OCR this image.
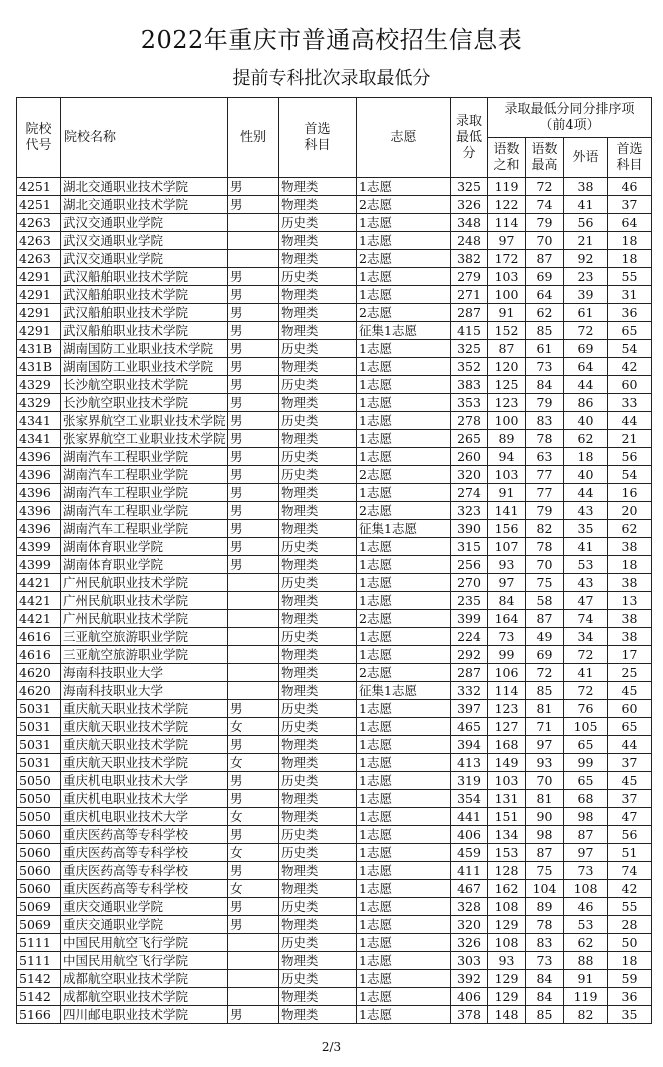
2022年重庆市普通高校招生信息表
提前专科批次录取最低分
院校
代号	院校名称	性别	首选
科目	志愿	录取
最低
分	录取最低分同分排序项
（前4项）			
						语数
之和	语数
最高	外语	首选
科目
4251	湖北交通职业技术学院	男	物理类	1志愿	325	119	72	38	46
4251	湖北交通职业技术学院	男	物理类	2志愿	326	122	74	41	37
4263	武汉交通职业学院		历史类	1志愿	348	114	79	56	64
4263	武汉交通职业学院		物理类	1志愿	248	97	70	21	18
4263	武汉交通职业学院		物理类	2志愿	382	172	87	92	18
4291	武汉船舶职业技术学院	男	历史类	1志愿	279	103	69	23	55
4291	武汉船舶职业技术学院	男	物理类	1志愿	271	100	64	39	31
4291	武汉船舶职业技术学院	男	物理类	2志愿	287	91	62	61	36
4291	武汉船舶职业技术学院	男	物理类	征集1志愿	415	152	85	72	65
431B	湖南国防工业职业技术学院	男	历史类	1志愿	325	87	61	69	54
431B	湖南国防工业职业技术学院	男	物理类	1志愿	352	120	73	64	42
4329	长沙航空职业技术学院	男	历史类	1志愿	383	125	84	44	60
4329	长沙航空职业技术学院	男	物理类	1志愿	353	123	79	86	33
4341	张家界航空工业职业技术学院	男	历史类	1志愿	278	100	83	40	44
4341	张家界航空工业职业技术学院	男	物理类	1志愿	265	89	78	62	21
4396	湖南汽车工程职业学院	男	历史类	1志愿	260	94	63	18	56
4396	湖南汽车工程职业学院	男	历史类	2志愿	320	103	77	40	54
4396	湖南汽车工程职业学院	男	物理类	1志愿	274	91	77	44	16
4396	湖南汽车工程职业学院	男	物理类	2志愿	323	141	79	43	20
4396	湖南汽车工程职业学院	男	物理类	征集1志愿	390	156	82	35	62
4399	湖南体育职业学院	男	历史类	1志愿	315	107	78	41	38
4399	湖南体育职业学院	男	物理类	1志愿	256	93	70	53	18
4421	广州民航职业技术学院		历史类	1志愿	270	97	75	43	38
4421	广州民航职业技术学院		物理类	1志愿	235	84	58	47	13
4421	广州民航职业技术学院		物理类	2志愿	399	164	87	74	38
4616	三亚航空旅游职业学院		历史类	1志愿	224	73	49	34	38
4616	三亚航空旅游职业学院		物理类	1志愿	292	99	69	72	17
4620	海南科技职业大学		物理类	2志愿	287	106	72	41	25
4620	海南科技职业大学		物理类	征集1志愿	332	114	85	72	45
5031	重庆航天职业技术学院	男	历史类	1志愿	397	123	81	76	60
5031	重庆航天职业技术学院	女	历史类	1志愿	465	127	71	105	65
5031	重庆航天职业技术学院	男	物理类	1志愿	394	168	97	65	44
5031	重庆航天职业技术学院	女	物理类	1志愿	413	149	93	99	37
5050	重庆机电职业技术大学	男	历史类	1志愿	319	103	70	65	45
5050	重庆机电职业技术大学	男	物理类	1志愿	354	131	81	68	37
5050	重庆机电职业技术大学	女	物理类	1志愿	441	151	90	98	47
5060	重庆医药高等专科学校	男	历史类	1志愿	406	134	98	87	56
5060	重庆医药高等专科学校	女	历史类	1志愿	459	153	87	97	51
5060	重庆医药高等专科学校	男	物理类	1志愿	411	128	75	73	74
5060	重庆医药高等专科学校	女	物理类	1志愿	467	162	104	108	42
5069	重庆交通职业学院	男	历史类	1志愿	328	108	89	46	55
5069	重庆交通职业学院	男	物理类	1志愿	320	129	78	53	28
5111	中国民用航空飞行学院		历史类	1志愿	326	108	83	62	50
5111	中国民用航空飞行学院		物理类	1志愿	303	93	73	88	18
5142	成都航空职业技术学院		历史类	1志愿	392	129	84	91	59
5142	成都航空职业技术学院		物理类	1志愿	406	129	84	119	36
5166	四川邮电职业技术学院	男	物理类	1志愿	378	148	85	82	35
2/3
